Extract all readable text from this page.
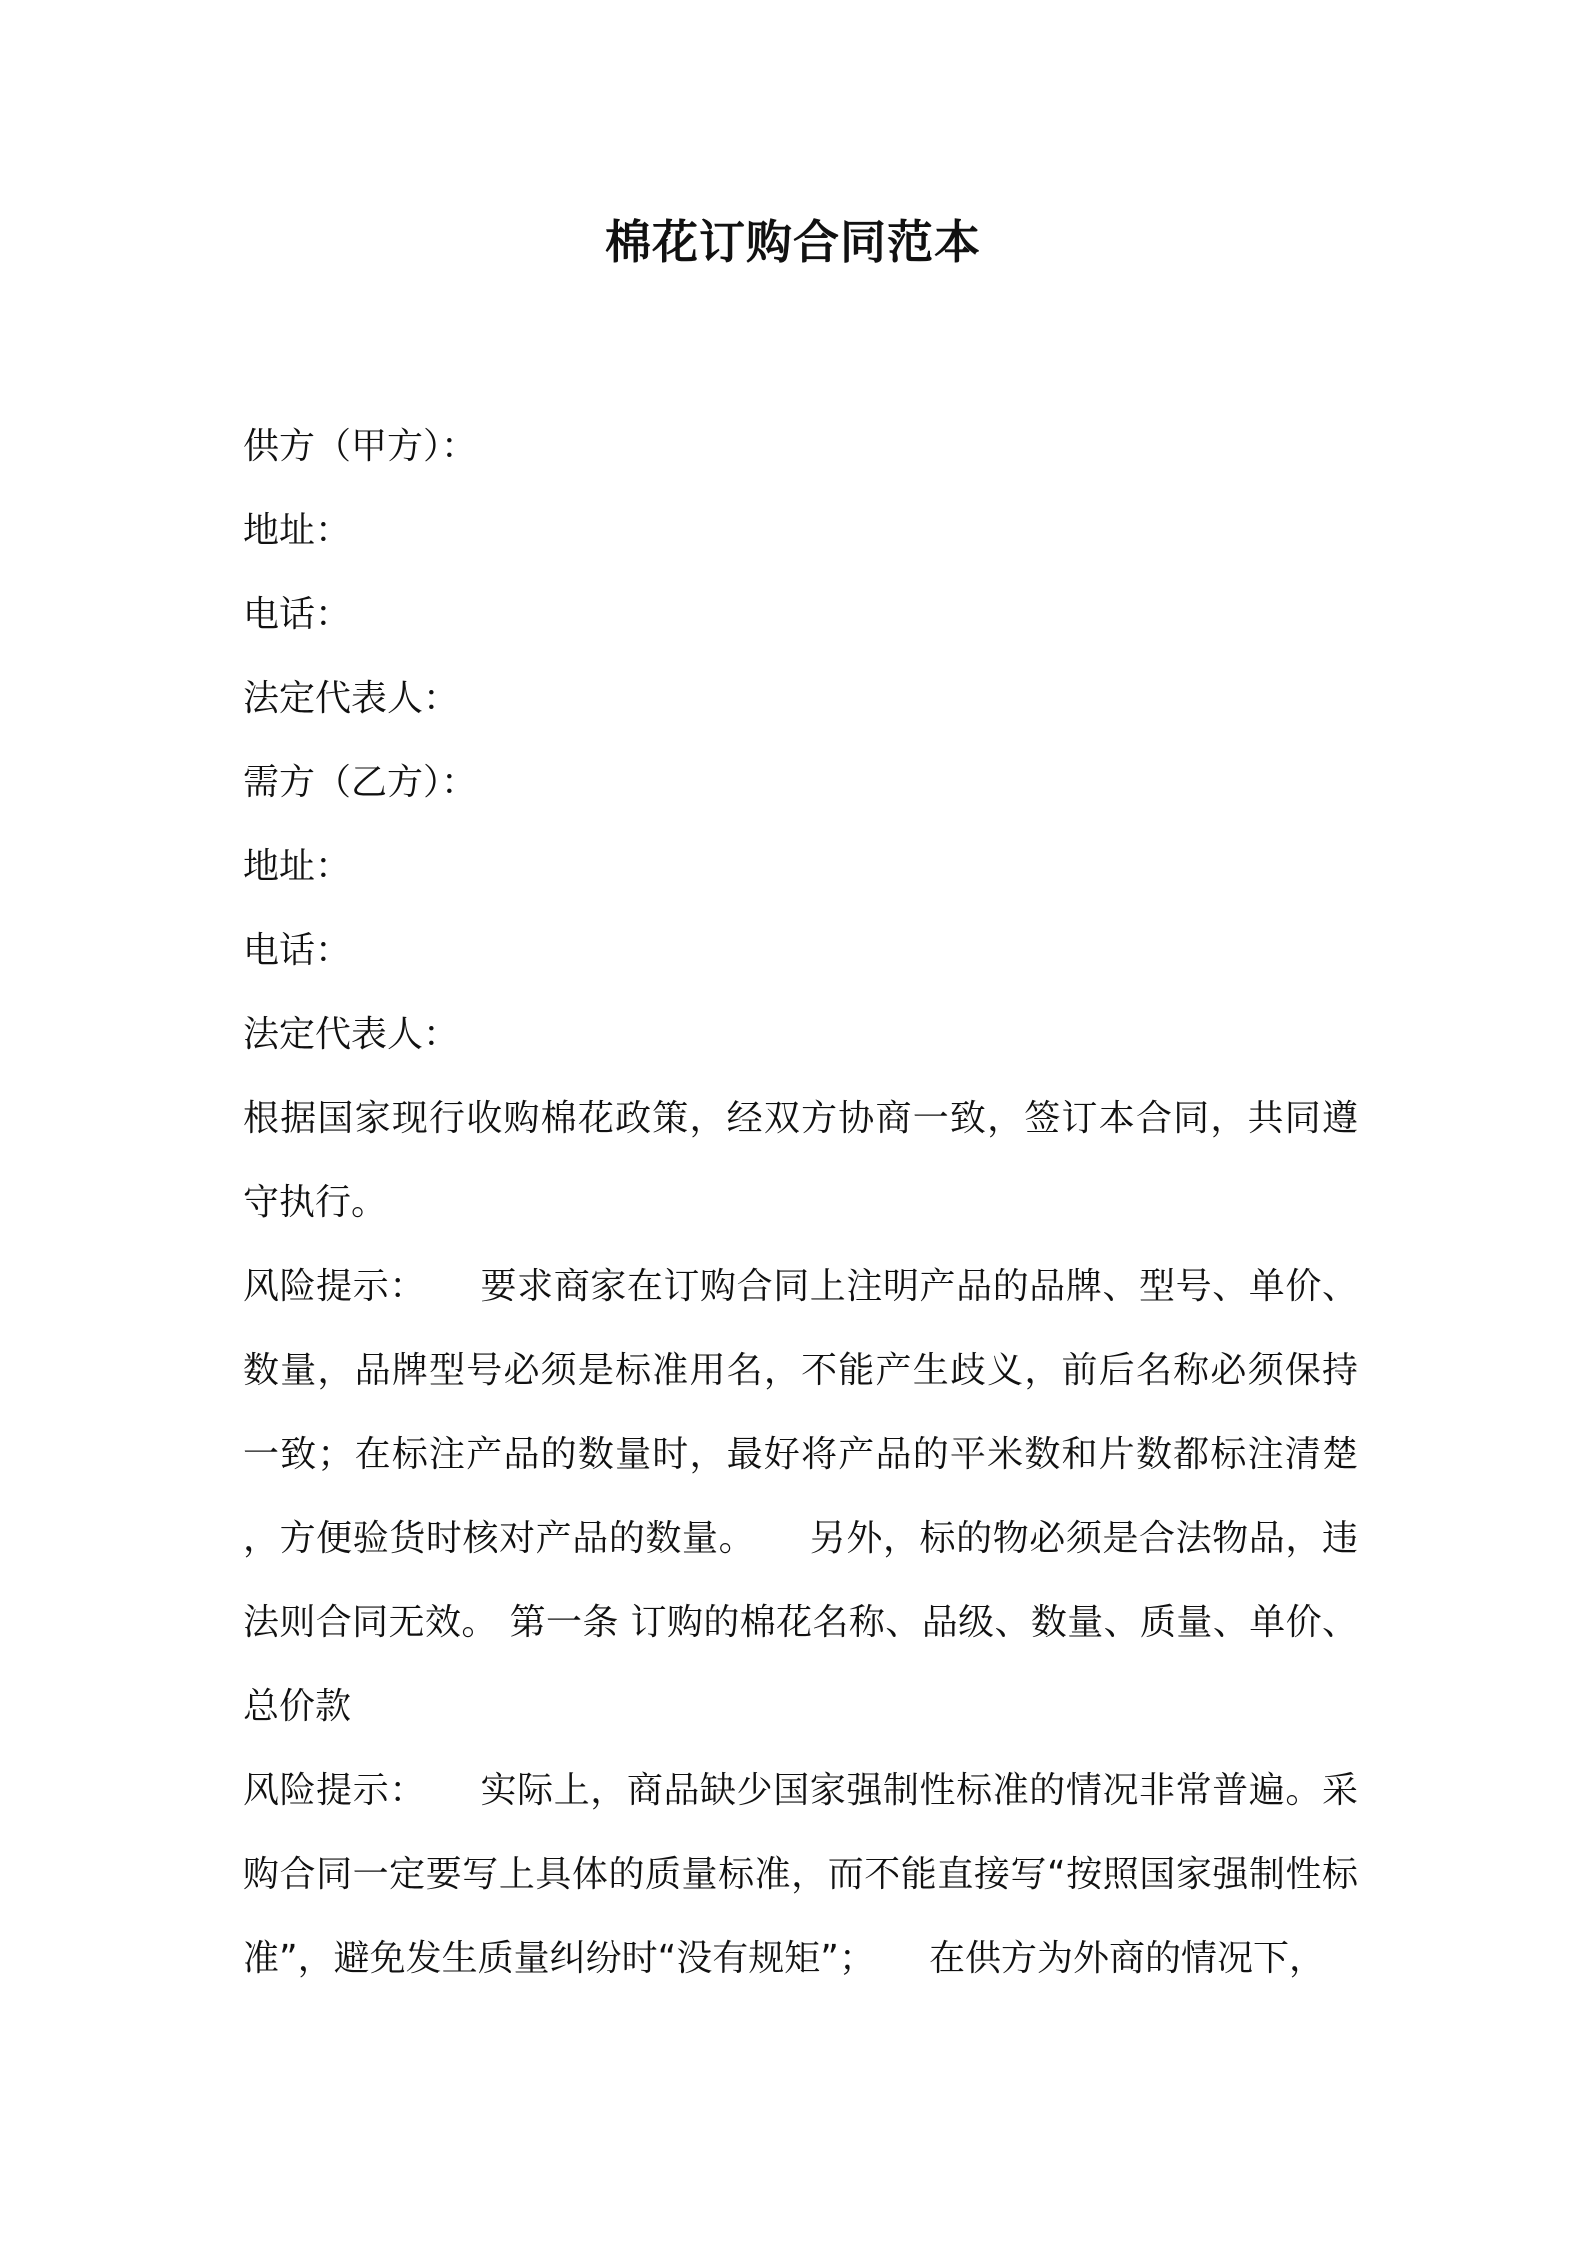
棉花订购合同范本

供方（甲方）：

地址：

电话：

法定代表人：

需方（乙方）：

地址：

电话：

法定代表人：

根据国家现行收购棉花政策，经双方协商一致，签订本合同，共同遵守执行。

风险提示： 要求商家在订购合同上注明产品的品牌、型号、单价、数量，品牌型号必须是标准用名，不能产生歧义，前后名称必须保持一致；在标注产品的数量时，最好将产品的平米数和片数都标注清楚，方便验货时核对产品的数量。 另外，标的物必须是合法物品，违法则合同无效。 第一条 订购的棉花名称、品级、数量、质量、单价、总价款

风险提示： 实际上，商品缺少国家强制性标准的情况非常普遍。采购合同一定要写上具体的质量标准，而不能直接写“按照国家强制性标准”，避免发生质量纠纷时“没有规矩”； 在供方为外商的情况下，
